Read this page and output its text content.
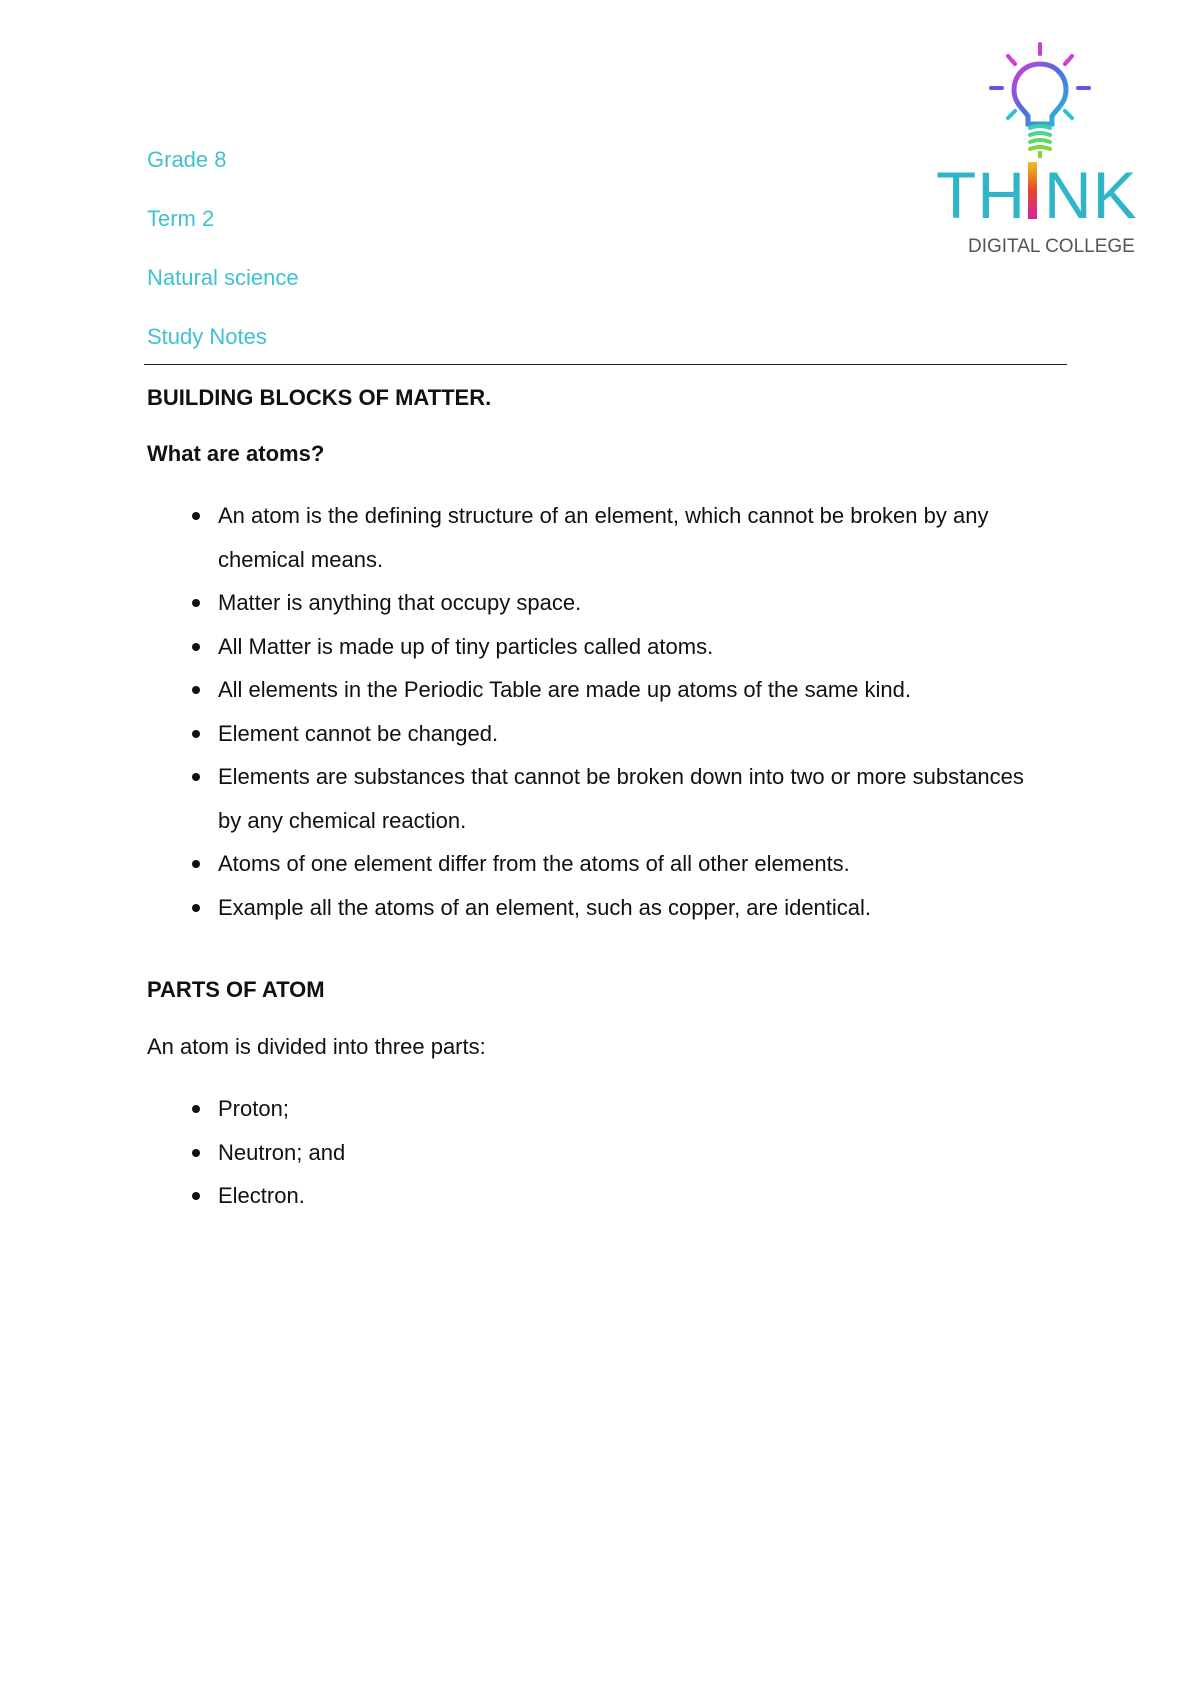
Grade 8

Term 2

Natural science

Study Notes

TH NK
DIGITAL COLLEGE
BUILDING BLOCKS OF MATTER.

What are atoms?

An atom is the defining structure of an element, which cannot be broken by any chemical means.
Matter is anything that occupy space.
All Matter is made up of tiny particles called atoms.
All elements in the Periodic Table are made up atoms of the same kind.
Element cannot be changed.
Elements are substances that cannot be broken down into two or more substances by any chemical reaction.
Atoms of one element differ from the atoms of all other elements.
Example all the atoms of an element, such as copper, are identical.
PARTS OF ATOM

An atom is divided into three parts:

Proton;
Neutron; and
Electron.
